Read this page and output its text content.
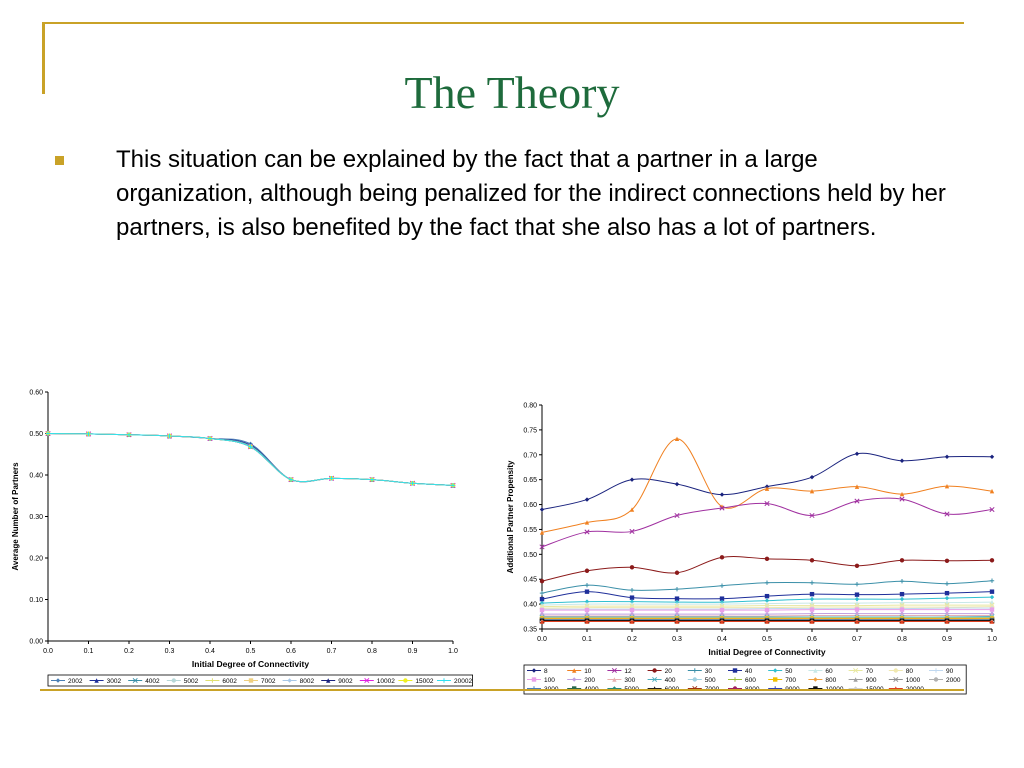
The Theory

This situation can be explained by the fact that a partner in a large organization, although being penalized for the indirect connections held by her partners, is also benefited by the fact that she also has a lot of partners.

0.00
0.10
0.20
0.30
0.40
0.50
0.60
0.0	0.1	0.2	0.3	0.4	0.5	0.6	0.7	0.8	0.9	1.0
Initial Degree of Connectivity
Average Number of Partners
2002	3002	4002	5002	6002	7002	8002	9002	10002	15002	20002
0.35
0.40
0.45
0.50
0.55
0.60
0.65
0.70
0.75
0.80
0.0	0.1	0.2	0.3	0.4	0.5	0.6	0.7	0.8	0.9	1.0
Initial Degree of Connectivity
Additional Partner Propensity
8	10	12	20	30	40	50	60	70	80	90
100	200	300	400	500	600	700	800	900	1000	2000
